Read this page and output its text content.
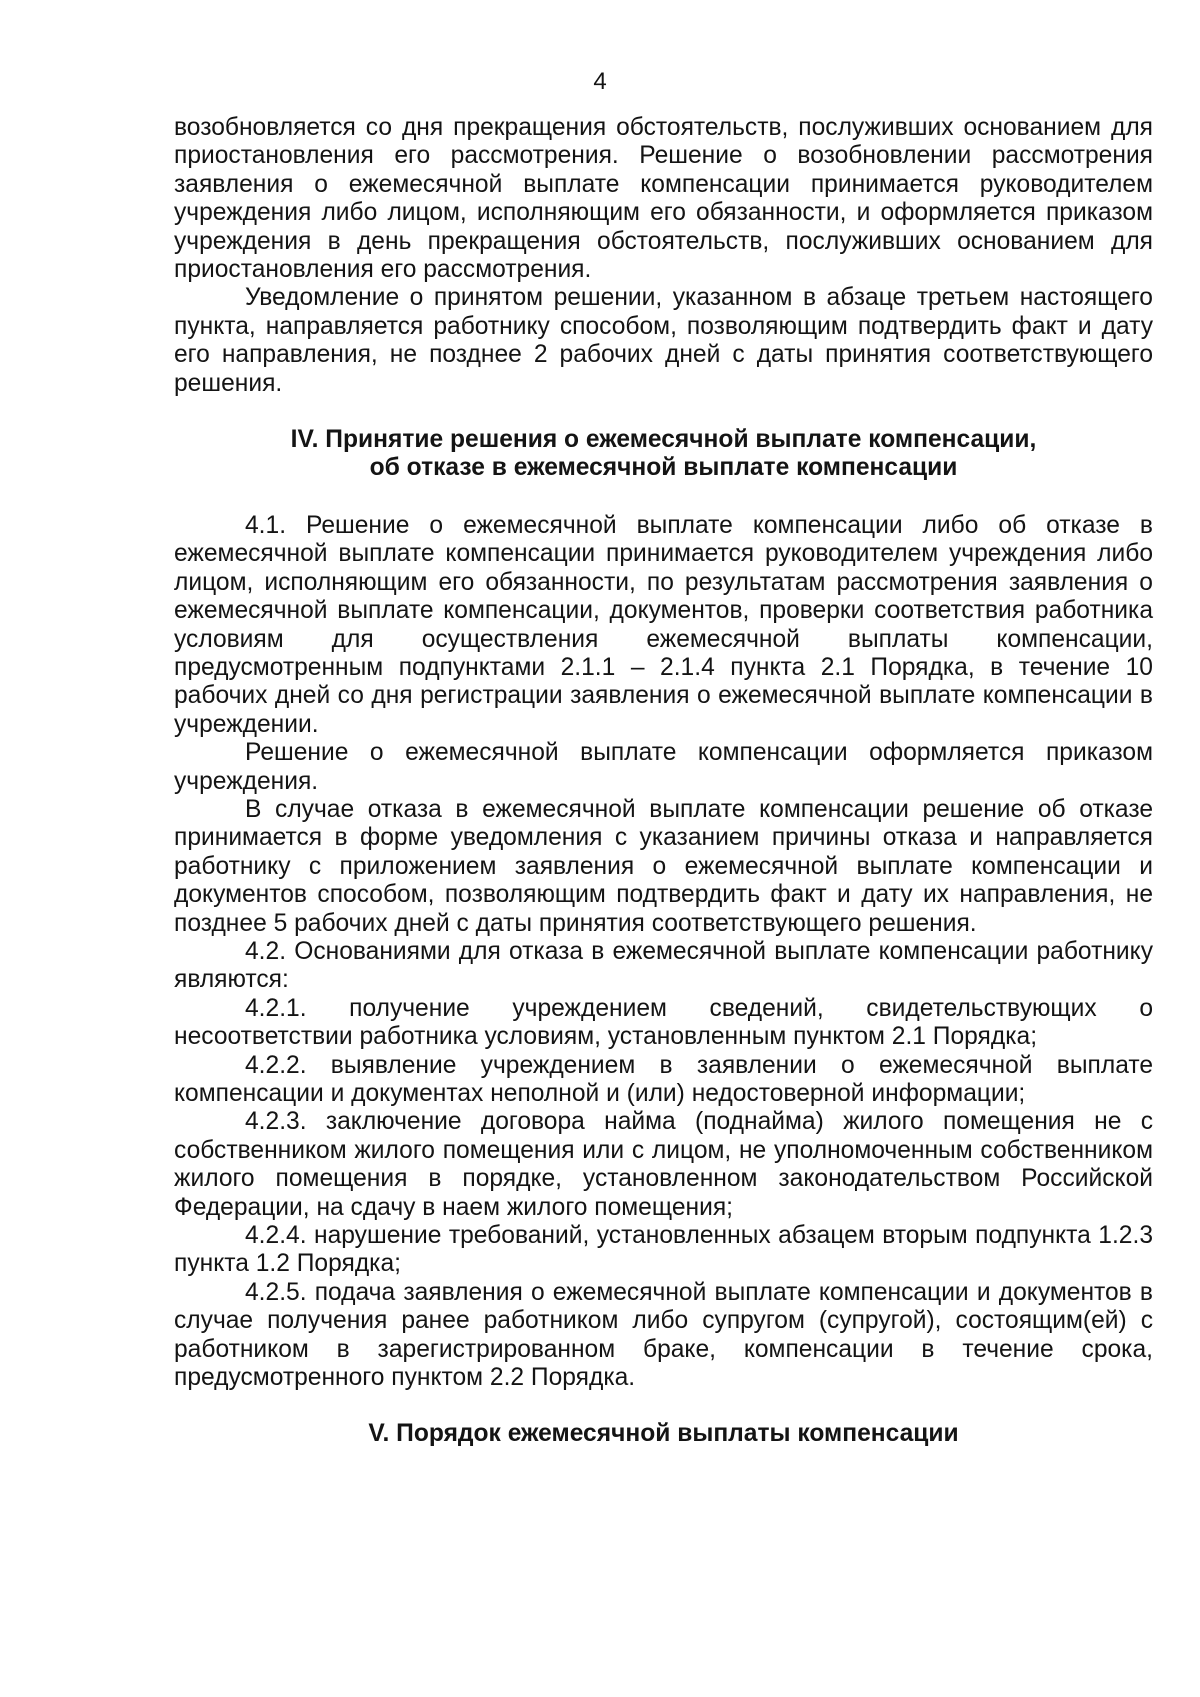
4

возобновляется со дня прекращения обстоятельств, послуживших основанием для приостановления его рассмотрения. Решение о возобновлении рассмотрения заявления о ежемесячной выплате компенсации принимается руководителем учреждения либо лицом, исполняющим его обязанности, и оформляется приказом учреждения в день прекращения обстоятельств, послуживших основанием для приостановления его рассмотрения.

Уведомление о принятом решении, указанном в абзаце третьем настоящего пункта, направляется работнику способом, позволяющим подтвердить факт и дату его направления, не позднее 2 рабочих дней с даты принятия соответствующего решения.

IV. Принятие решения о ежемесячной выплате компенсации,
об отказе в ежемесячной выплате компенсации

4.1. Решение о ежемесячной выплате компенсации либо об отказе в ежемесячной выплате компенсации принимается руководителем учреждения либо лицом, исполняющим его обязанности, по результатам рассмотрения заявления о ежемесячной выплате компенсации, документов, проверки соответствия работника условиям для осуществления ежемесячной выплаты компенсации, предусмотренным подпунктами 2.1.1 – 2.1.4 пункта 2.1 Порядка, в течение 10 рабочих дней со дня регистрации заявления о ежемесячной выплате компенсации в учреждении.

Решение о ежемесячной выплате компенсации оформляется приказом учреждения.

В случае отказа в ежемесячной выплате компенсации решение об отказе принимается в форме уведомления с указанием причины отказа и направляется работнику с приложением заявления о ежемесячной выплате компенсации и документов способом, позволяющим подтвердить факт и дату их направления, не позднее 5 рабочих дней с даты принятия соответствующего решения.

4.2. Основаниями для отказа в ежемесячной выплате компенсации работнику являются:

4.2.1. получение учреждением сведений, свидетельствующих о несоответствии работника условиям, установленным пунктом 2.1 Порядка;

4.2.2. выявление учреждением в заявлении о ежемесячной выплате компенсации и документах неполной и (или) недостоверной информации;

4.2.3. заключение договора найма (поднайма) жилого помещения не с собственником жилого помещения или с лицом, не уполномоченным собственником жилого помещения в порядке, установленном законодательством Российской Федерации, на сдачу в наем жилого помещения;

4.2.4. нарушение требований, установленных абзацем вторым подпункта 1.2.3 пункта 1.2 Порядка;

4.2.5. подача заявления о ежемесячной выплате компенсации и документов в случае получения ранее работником либо супругом (супругой), состоящим(ей) с работником в зарегистрированном браке, компенсации в течение срока, предусмотренного пунктом 2.2 Порядка.

V. Порядок ежемесячной выплаты компенсации
